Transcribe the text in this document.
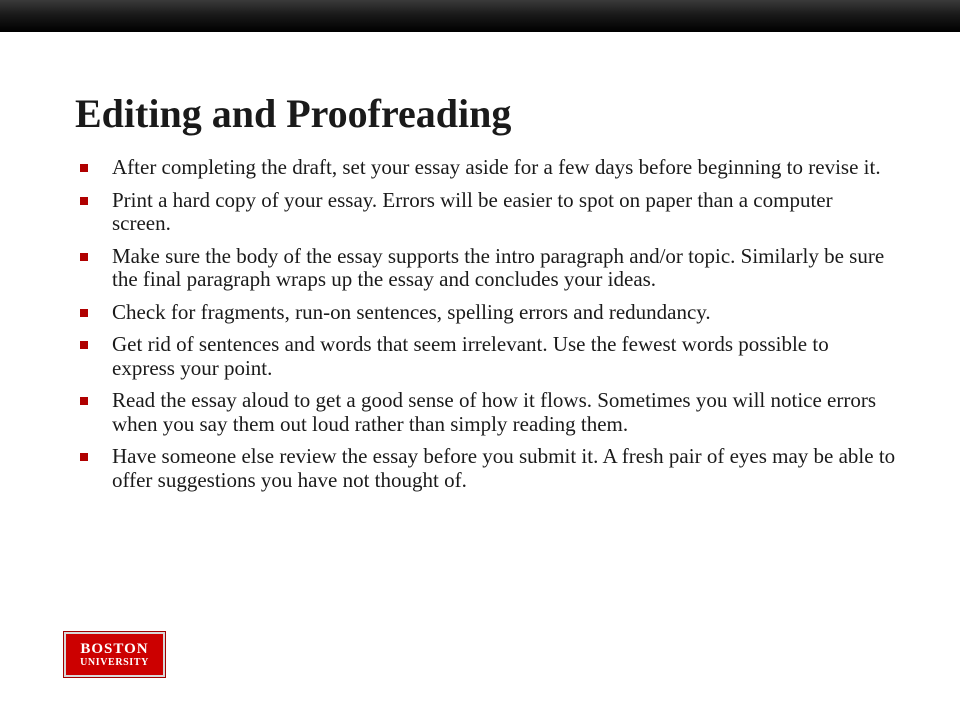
Editing and Proofreading
After completing the draft, set your essay aside for a few days before beginning to revise it.
Print a hard copy of your essay. Errors will be easier to spot on paper than a computer screen.
Make sure the body of the essay supports the intro paragraph and/or topic. Similarly be sure the final paragraph wraps up the essay and concludes your ideas.
Check for fragments, run-on sentences, spelling errors and redundancy.
Get rid of sentences and words that seem irrelevant. Use the fewest words possible to express your point.
Read the essay aloud to get a good sense of how it flows. Sometimes you will notice errors when you say them out loud rather than simply reading them.
Have someone else review the essay before you submit it. A fresh pair of eyes may be able to offer suggestions you have not thought of.
BOSTON
UNIVERSITY
